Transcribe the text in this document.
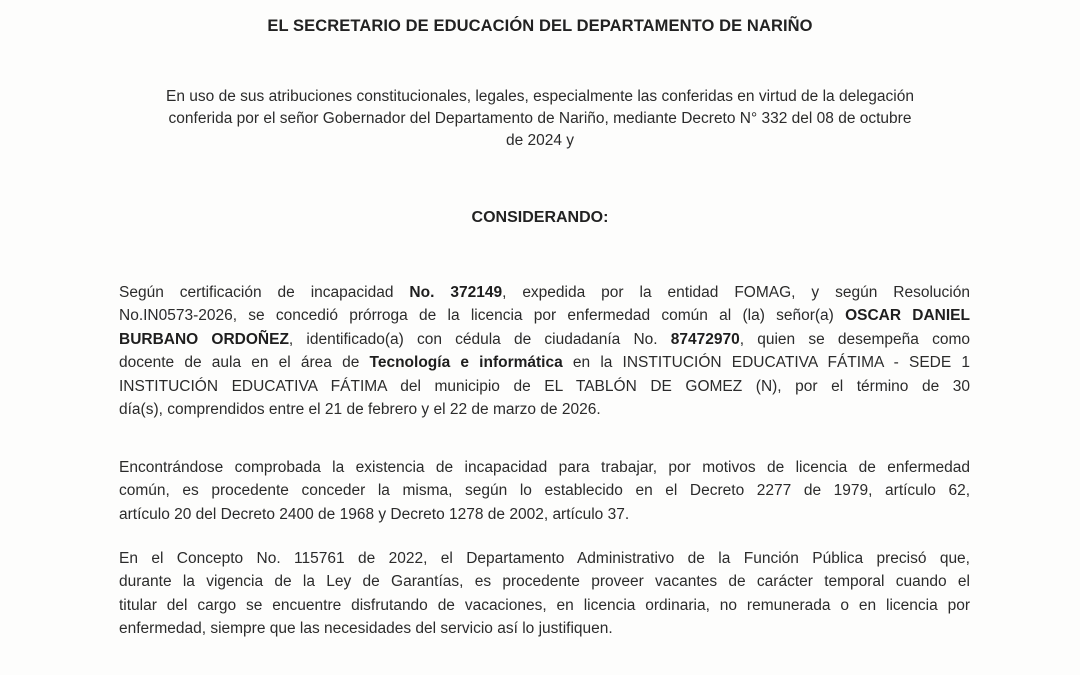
EL SECRETARIO DE EDUCACIÓN DEL DEPARTAMENTO DE NARIÑO
En uso de sus atribuciones constitucionales, legales, especialmente las conferidas en virtud de la delegación
conferida por el señor Gobernador del Departamento de Nariño, mediante Decreto N° 332 del 08 de octubre
de 2024 y
CONSIDERANDO:
Según certificación de incapacidad No. 372149, expedida por la entidad FOMAG, y según Resolución
No.IN0573-2026, se concedió prórroga de la licencia por enfermedad común al (la) señor(a) OSCAR DANIEL
BURBANO ORDOÑEZ, identificado(a) con cédula de ciudadanía No. 87472970, quien se desempeña como
docente de aula en el área de Tecnología e informática en la INSTITUCIÓN EDUCATIVA FÁTIMA - SEDE 1
INSTITUCIÓN EDUCATIVA FÁTIMA del municipio de EL TABLÓN DE GOMEZ (N), por el término de 30
día(s), comprendidos entre el 21 de febrero y el 22 de marzo de 2026.
Encontrándose comprobada la existencia de incapacidad para trabajar, por motivos de licencia de enfermedad
común, es procedente conceder la misma, según lo establecido en el Decreto 2277 de 1979, artículo 62,
artículo 20 del Decreto 2400 de 1968 y Decreto 1278 de 2002, artículo 37.
En el Concepto No. 115761 de 2022, el Departamento Administrativo de la Función Pública precisó que,
durante la vigencia de la Ley de Garantías, es procedente proveer vacantes de carácter temporal cuando el
titular del cargo se encuentre disfrutando de vacaciones, en licencia ordinaria, no remunerada o en licencia por
enfermedad, siempre que las necesidades del servicio así lo justifiquen.
